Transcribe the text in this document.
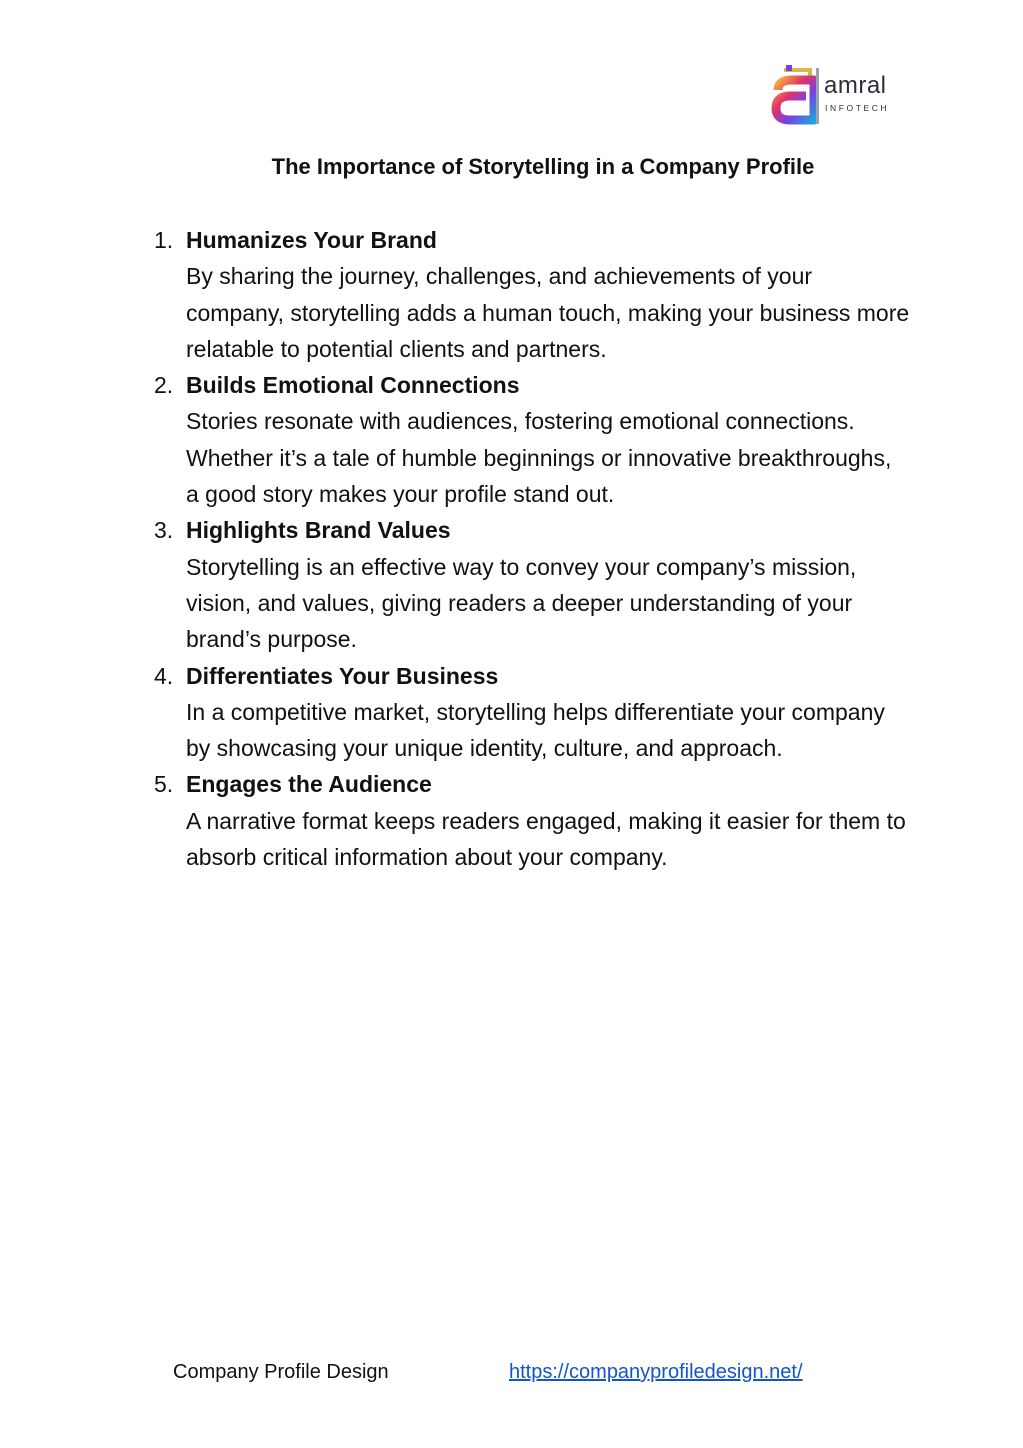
amral
INFOTECH
The Importance of Storytelling in a Company Profile
1. Humanizes Your Brand
By sharing the journey, challenges, and achievements of your company, storytelling adds a human touch, making your business more relatable to potential clients and partners.
2. Builds Emotional Connections
Stories resonate with audiences, fostering emotional connections. Whether it’s a tale of humble beginnings or innovative breakthroughs, a good story makes your profile stand out.
3. Highlights Brand Values
Storytelling is an effective way to convey your company’s mission, vision, and values, giving readers a deeper understanding of your brand’s purpose.
4. Differentiates Your Business
In a competitive market, storytelling helps differentiate your company by showcasing your unique identity, culture, and approach.
5. Engages the Audience
A narrative format keeps readers engaged, making it easier for them to absorb critical information about your company.
Company Profile Design	https://companyprofiledesign.net/
